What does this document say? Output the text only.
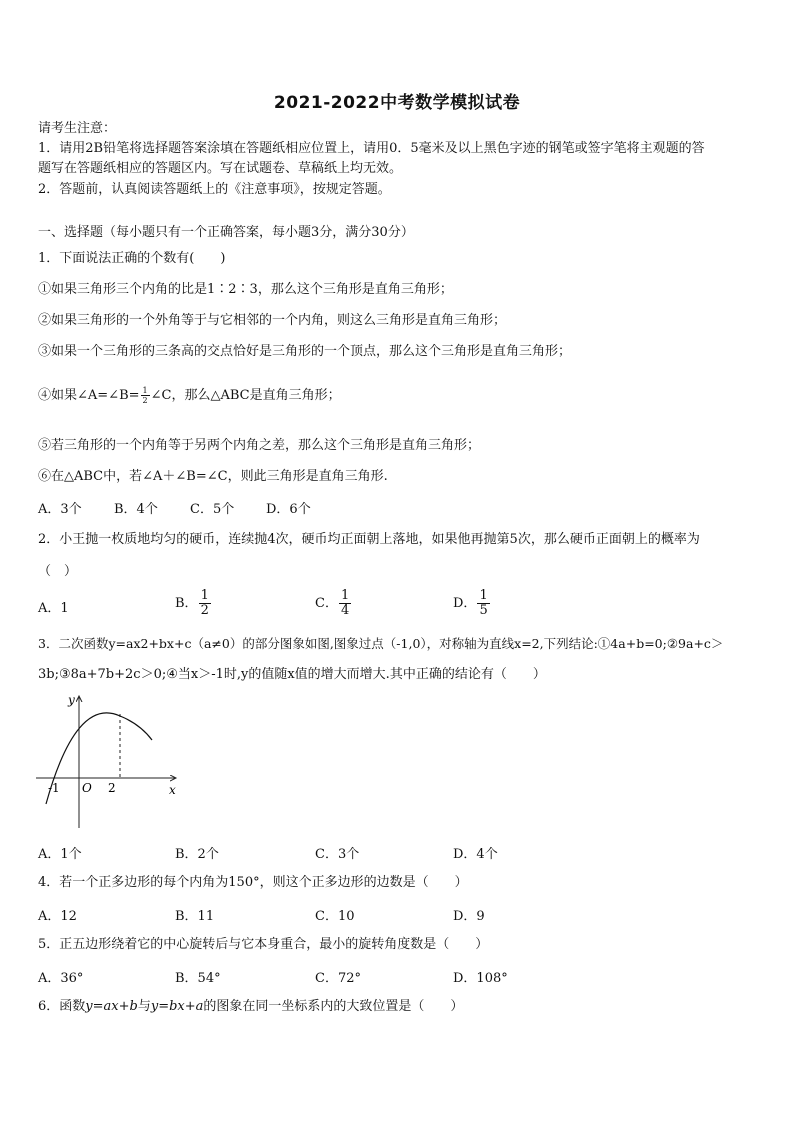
2021-2022中考数学模拟试卷
请考生注意：
1．请用2B铅笔将选择题答案涂填在答题纸相应位置上，请用0．5毫米及以上黑色字迹的钢笔或签字笔将主观题的答
题写在答题纸相应的答题区内。写在试题卷、草稿纸上均无效。
2．答题前，认真阅读答题纸上的《注意事项》，按规定答题。
一、选择题（每小题只有一个正确答案，每小题3分，满分30分）
1．下面说法正确的个数有(　　)
①如果三角形三个内角的比是1∶2∶3，那么这个三角形是直角三角形；
②如果三角形的一个外角等于与它相邻的一个内角，则这么三角形是直角三角形；
③如果一个三角形的三条高的交点恰好是三角形的一个顶点，那么这个三角形是直角三角形；
④如果∠A=∠B= $\frac{1}{2}$ ∠C，那么△ABC是直角三角形；
⑤若三角形的一个内角等于另两个内角之差，那么这个三角形是直角三角形；
⑥在△ABC中，若∠A＋∠B=∠C，则此三角形是直角三角形.
A．3个 B．4个 C．5个 D．6个
2．小王抛一枚质地均匀的硬币，连续抛4次，硬币均正面朝上落地，如果他再抛第5次，那么硬币正面朝上的概率为
（　）
A．1	B． $\frac{1}{2}$	C． $\frac{1}{4}$	D． $\frac{1}{5}$
3．二次函数y=ax2+bx+c（a≠0）的部分图象如图,图象过点（-1,0），对称轴为直线x=2,下列结论:①4a+b=0;②9a+c＞
3b;③8a+7b+2c＞0;④当x＞-1时,y的值随x值的增大而增大.其中正确的结论有（　　）
y
x
O
-1	2
A．1个	B．2个	C．3个	D．4个
4．若一个正多边形的每个内角为150°，则这个正多边形的边数是（　　）
A．12	B．11	C．10	D．9
5．正五边形绕着它的中心旋转后与它本身重合，最小的旋转角度数是（　　）
A．36°	B．54°	C．72°	D．108°
6．函数y=ax+b与y=bx+a的图象在同一坐标系内的大致位置是（　　）
